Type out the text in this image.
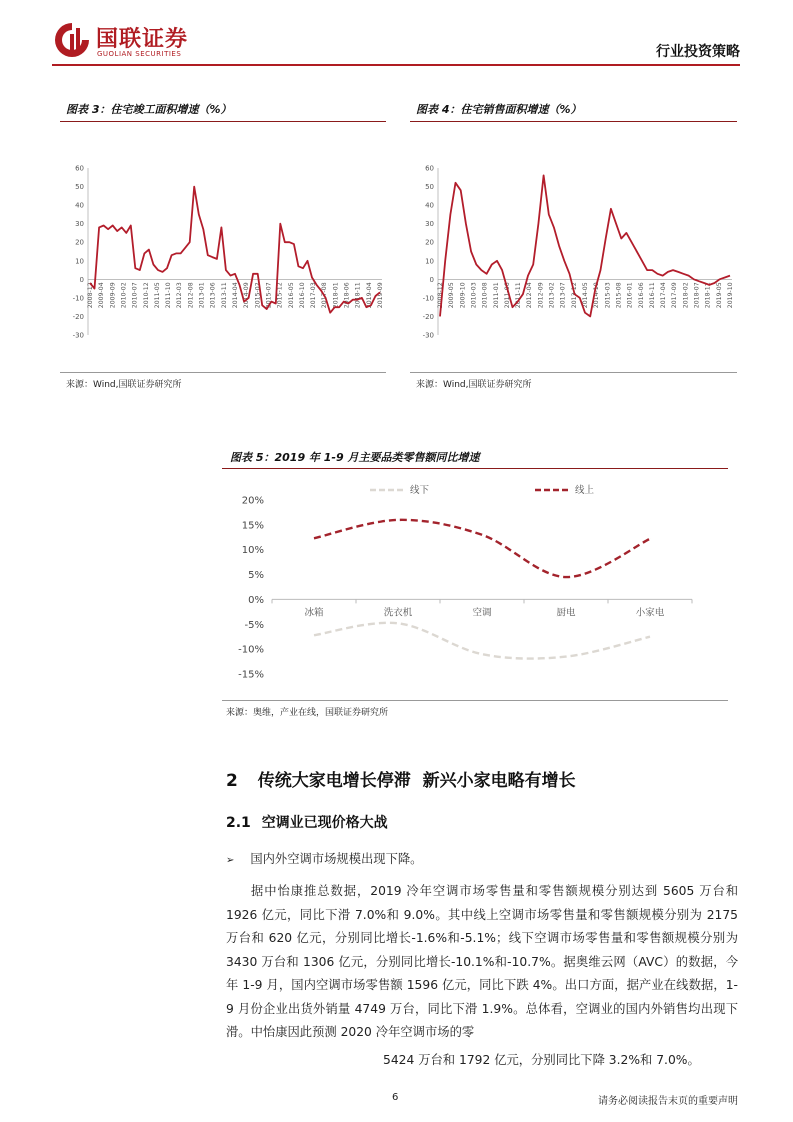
国联证券
GUOLIAN SECURITIES	行业投资策略
图表 3：住宅竣工面积增速（%）
-30
-20
-10
0
10
20
30
40
50
60
2008-12 2009-04 2009-09 2010-02 2010-07 2010-12 2011-05 2011-10 2012-03 2012-08 2013-01 2013-06 2013-11 2014-04 2014-09 2015-02 2015-07 2015-12 2016-05 2016-10 2017-03 2017-08 2018-01 2018-06 2018-11 2019-04 2019-09
来源：Wind,国联证券研究所
图表 4：住宅销售面积增速（%）
-30
-20
-10
0
10
20
30
40
50
60
2008-12 2009-05 2009-10 2010-03 2010-08 2011-01 2011-06 2011-11 2012-04 2012-09 2013-02 2013-07 2013-12 2014-05 2014-10 2015-03 2015-08 2016-01 2016-06 2016-11 2017-04 2017-09 2018-02 2018-07 2018-12 2019-05 2019-10
来源：Wind,国联证券研究所
图表 5：2019 年 1-9 月主要品类零售额同比增速
20%
15%
10%
5%
0%
-5%
-10%
-15%
冰箱	洗衣机	空调	厨电	小家电
线下	线上
来源：奥维，产业在线，国联证券研究所
2 传统大家电增长停滞  新兴小家电略有增长
2.1 空调业已现价格大战
➢ 国内外空调市场规模出现下降。
据中怡康推总数据，2019 冷年空调市场零售量和零售额规模分别达到 5605 万台和 1926 亿元，同比下滑 7.0%和 9.0%。其中线上空调市场零售量和零售额规模分别为 2175 万台和 620 亿元，分别同比增长-1.6%和-5.1%；线下空调市场零售量和零售额规模分别为 3430 万台和 1306 亿元，分别同比增长-10.1%和-10.7%。据奥维云网（AVC）的数据，今年 1-9 月，国内空调市场零售额 1596 亿元，同比下跌 4%。出口方面，据产业在线数据，1-9 月份企业出货外销量 4749 万台，同比下滑 1.9%。总体看，空调业的国内外销售均出现下滑。中怡康因此预测 2020 冷年空调市场的零
5424 万台和 1792 亿元，分别同比下降 3.2%和 7.0%。
6	请务必阅读报告末页的重要声明
